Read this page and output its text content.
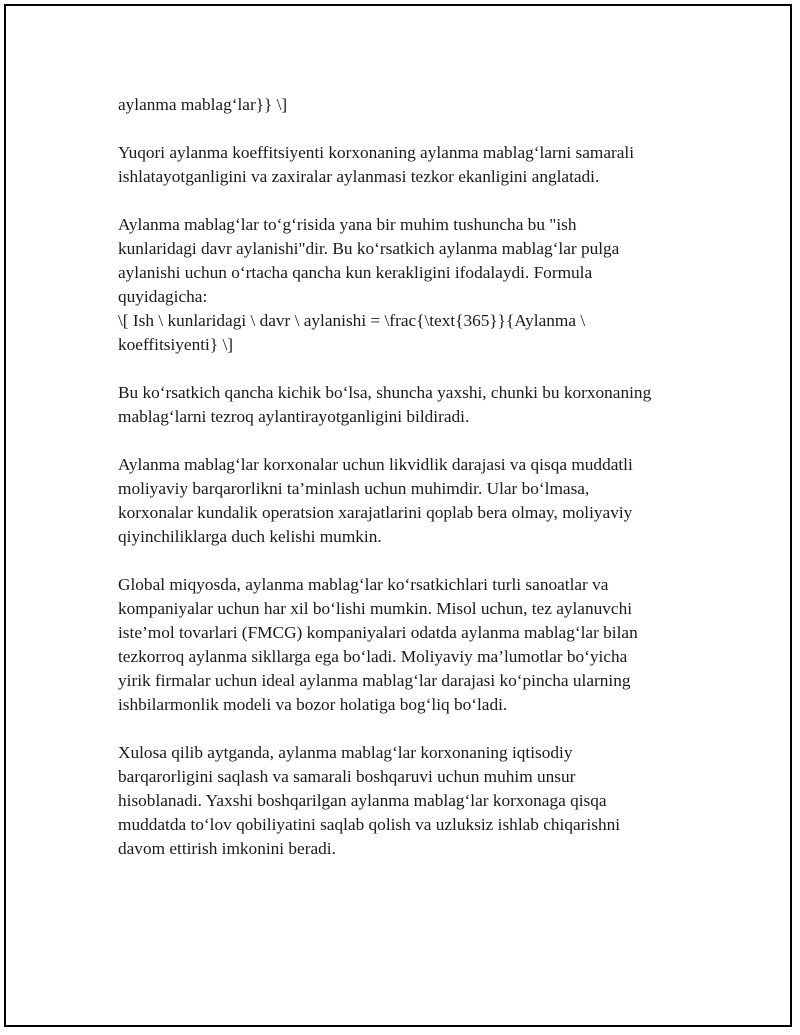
aylanma mablag‘lar}} \]

Yuqori aylanma koeffitsiyenti korxonaning aylanma mablag‘larni samarali
ishlatayotganligini va zaxiralar aylanmasi tezkor ekanligini anglatadi.

Aylanma mablag‘lar to‘g‘risida yana bir muhim tushuncha bu "ish
kunlaridagi davr aylanishi"dir. Bu ko‘rsatkich aylanma mablag‘lar pulga
aylanishi uchun o‘rtacha qancha kun kerakligini ifodalaydi. Formula
quyidagicha:
\[ Ish \ kunlaridagi \ davr \ aylanishi = \frac{\text{365}}{Aylanma \
koeffitsiyenti} \]

Bu ko‘rsatkich qancha kichik bo‘lsa, shuncha yaxshi, chunki bu korxonaning
mablag‘larni tezroq aylantirayotganligini bildiradi.

Aylanma mablag‘lar korxonalar uchun likvidlik darajasi va qisqa muddatli
moliyaviy barqarorlikni ta’minlash uchun muhimdir. Ular bo‘lmasa,
korxonalar kundalik operatsion xarajatlarini qoplab bera olmay, moliyaviy
qiyinchiliklarga duch kelishi mumkin.

Global miqyosda, aylanma mablag‘lar ko‘rsatkichlari turli sanoatlar va
kompaniyalar uchun har xil bo‘lishi mumkin. Misol uchun, tez aylanuvchi
iste’mol tovarlari (FMCG) kompaniyalari odatda aylanma mablag‘lar bilan
tezkorroq aylanma sikllarga ega bo‘ladi. Moliyaviy ma’lumotlar bo‘yicha
yirik firmalar uchun ideal aylanma mablag‘lar darajasi ko‘pincha ularning
ishbilarmonlik modeli va bozor holatiga bog‘liq bo‘ladi.

Xulosa qilib aytganda, aylanma mablag‘lar korxonaning iqtisodiy
barqarorligini saqlash va samarali boshqaruvi uchun muhim unsur
hisoblanadi. Yaxshi boshqarilgan aylanma mablag‘lar korxonaga qisqa
muddatda to‘lov qobiliyatini saqlab qolish va uzluksiz ishlab chiqarishni
davom ettirish imkonini beradi.
